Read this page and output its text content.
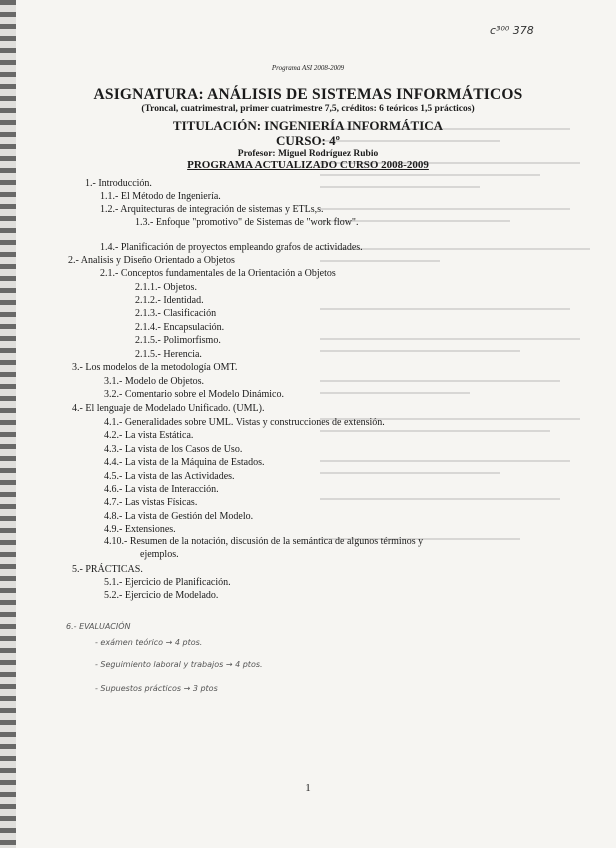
c³⁰⁰ 378
Programa ASI 2008-2009
ASIGNATURA: ANÁLISIS DE SISTEMAS INFORMÁTICOS
(Troncal, cuatrimestral, primer cuatrimestre 7,5, créditos: 6 teóricos 1,5 prácticos)
TITULACIÓN: INGENIERÍA INFORMÁTICA
CURSO: 4º
Profesor: Miguel Rodríguez Rubio
PROGRAMA ACTUALIZADO CURSO 2008-2009
1.- Introducción.
1.1.- El Método de Ingeniería.
1.2.- Arquitecturas de integración de sistemas y ETLs,s.
1.3.- Enfoque "promotivo" de Sistemas de "work flow".
1.4.- Planificación de proyectos empleando grafos de actividades.
2.- Analisis y Diseño Orientado a Objetos
2.1.- Conceptos fundamentales de la Orientación a Objetos
2.1.1.- Objetos.
2.1.2.- Identidad.
2.1.3.- Clasificación
2.1.4.- Encapsulación.
2.1.5.- Polimorfismo.
2.1.5.- Herencia.
3.- Los modelos de la metodología OMT.
3.1.- Modelo de Objetos.
3.2.- Comentario sobre el Modelo Dinámico.
4.- El lenguaje de Modelado Unificado. (UML).
4.1.- Generalidades sobre UML. Vistas y construcciones de extensión.
4.2.- La vista Estática.
4.3.- La vista de los Casos de Uso.
4.4.- La vista de la Máquina de Estados.
4.5.- La vista de las Actividades.
4.6.- La vista de Interacción.
4.7.- Las vistas Físicas.
4.8.- La vista de Gestión del Modelo.
4.9.- Extensiones.
4.10.- Resumen de la notación, discusión de la semántica de algunos términos y
ejemplos.
5.- PRÁCTICAS.
5.1.- Ejercicio de Planificación.
5.2.- Ejercicio de Modelado.
6.- EVALUACIÓN
- exámen teórico → 4 ptos.
- Seguimiento laboral y trabajos → 4 ptos.
- Supuestos prácticos → 3 ptos
1
